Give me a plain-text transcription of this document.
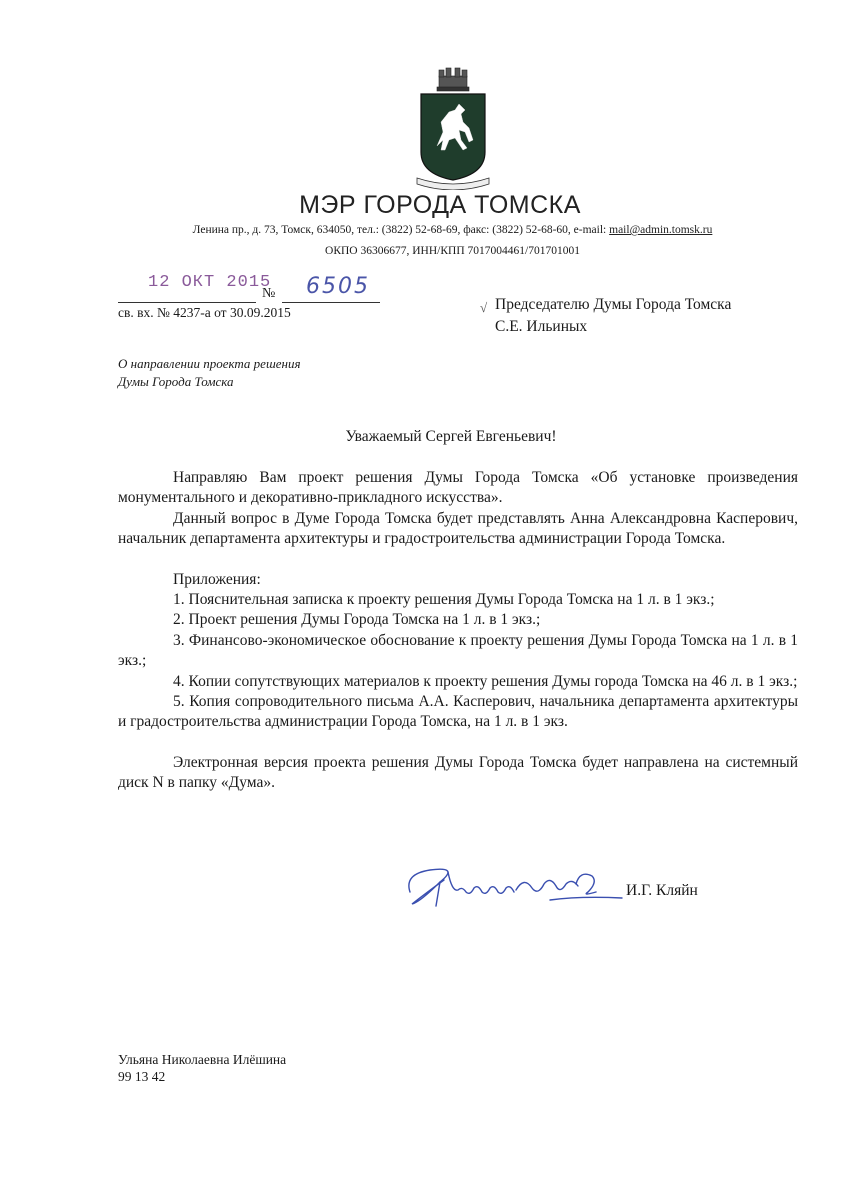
МЭР ГОРОДА ТОМСКА
Ленина пр., д. 73, Томск, 634050, тел.: (3822) 52-68-69, факс: (3822) 52-68-60, e-mail: mail@admin.tomsk.ru
ОКПО 36306677, ИНН/КПП 7017004461/701701001
12 ОКТ 2015
№ 6505
св. вх. № 4237-а от 30.09.2015	√ Председателю Думы Города Томска
С.Е. Ильиных
О направлении проекта решения
Думы Города Томска
Уважаемый Сергей Евгеньевич!

Направляю Вам проект решения Думы Города Томска «Об установке произведения монументального и декоративно-прикладного искусства».

Данный вопрос в Думе Города Томска будет представлять Анна Александровна Касперович, начальник департамента архитектуры и градостроительства администрации Города Томска.

Приложения:

1. Пояснительная записка к проекту решения Думы Города Томска на 1 л. в 1 экз.;

2. Проект решения Думы Города Томска на 1 л. в 1 экз.;

3. Финансово-экономическое обоснование к проекту решения Думы Города Томска на 1 л. в 1 экз.;

4. Копии сопутствующих материалов к проекту решения Думы города Томска на 46 л. в 1 экз.;

5. Копия сопроводительного письма А.А. Касперович, начальника департамента архитектуры и градостроительства администрации Города Томска, на 1 л. в 1 экз.

Электронная версия проекта решения Думы Города Томска будет направлена на системный диск N в папку «Дума».

И.Г. Кляйн
Ульяна Николаевна Илёшина
99 13 42
